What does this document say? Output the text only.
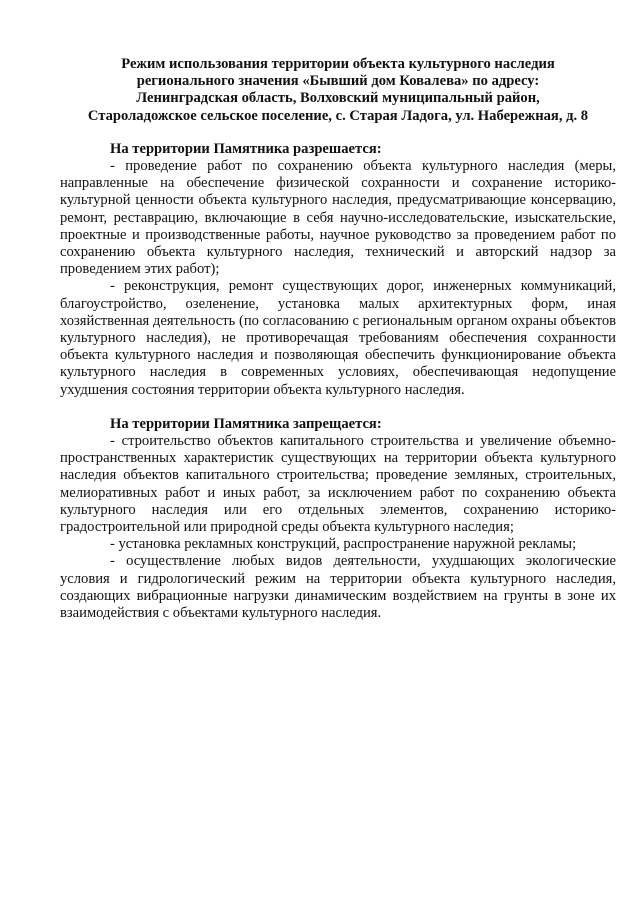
Режим использования территории объекта культурного наследия
регионального значения «Бывший дом Ковалева» по адресу:
Ленинградская область, Волховский муниципальный район,
Староладожское сельское поселение, с. Старая Ладога, ул. Набережная, д. 8

На территории Памятника разрешается:

- проведение работ по сохранению объекта культурного наследия (меры, направленные на обеспечение физической сохранности и сохранение историко-культурной ценности объекта культурного наследия, предусматривающие консервацию, ремонт, реставрацию, включающие в себя научно-исследовательские, изыскательские, проектные и производственные работы, научное руководство за проведением работ по сохранению объекта культурного наследия, технический и авторский надзор за проведением этих работ);

- реконструкция, ремонт существующих дорог, инженерных коммуникаций, благоустройство, озеленение, установка малых архитектурных форм, иная хозяйственная деятельность (по согласованию с региональным органом охраны объектов культурного наследия), не противоречащая требованиям обеспечения сохранности объекта культурного наследия и позволяющая обеспечить функционирование объекта культурного наследия в современных условиях, обеспечивающая недопущение ухудшения состояния территории объекта культурного наследия.

На территории Памятника запрещается:

- строительство объектов капитального строительства и увеличение объемно-пространственных характеристик существующих на территории объекта культурного наследия объектов капитального строительства; проведение земляных, строительных, мелиоративных работ и иных работ, за исключением работ по сохранению объекта культурного наследия или его отдельных элементов, сохранению историко-градостроительной или природной среды объекта культурного наследия;

- установка рекламных конструкций, распространение наружной рекламы;

- осуществление любых видов деятельности, ухудшающих экологические условия и гидрологический режим на территории объекта культурного наследия, создающих вибрационные нагрузки динамическим воздействием на грунты в зоне их взаимодействия с объектами культурного наследия.
